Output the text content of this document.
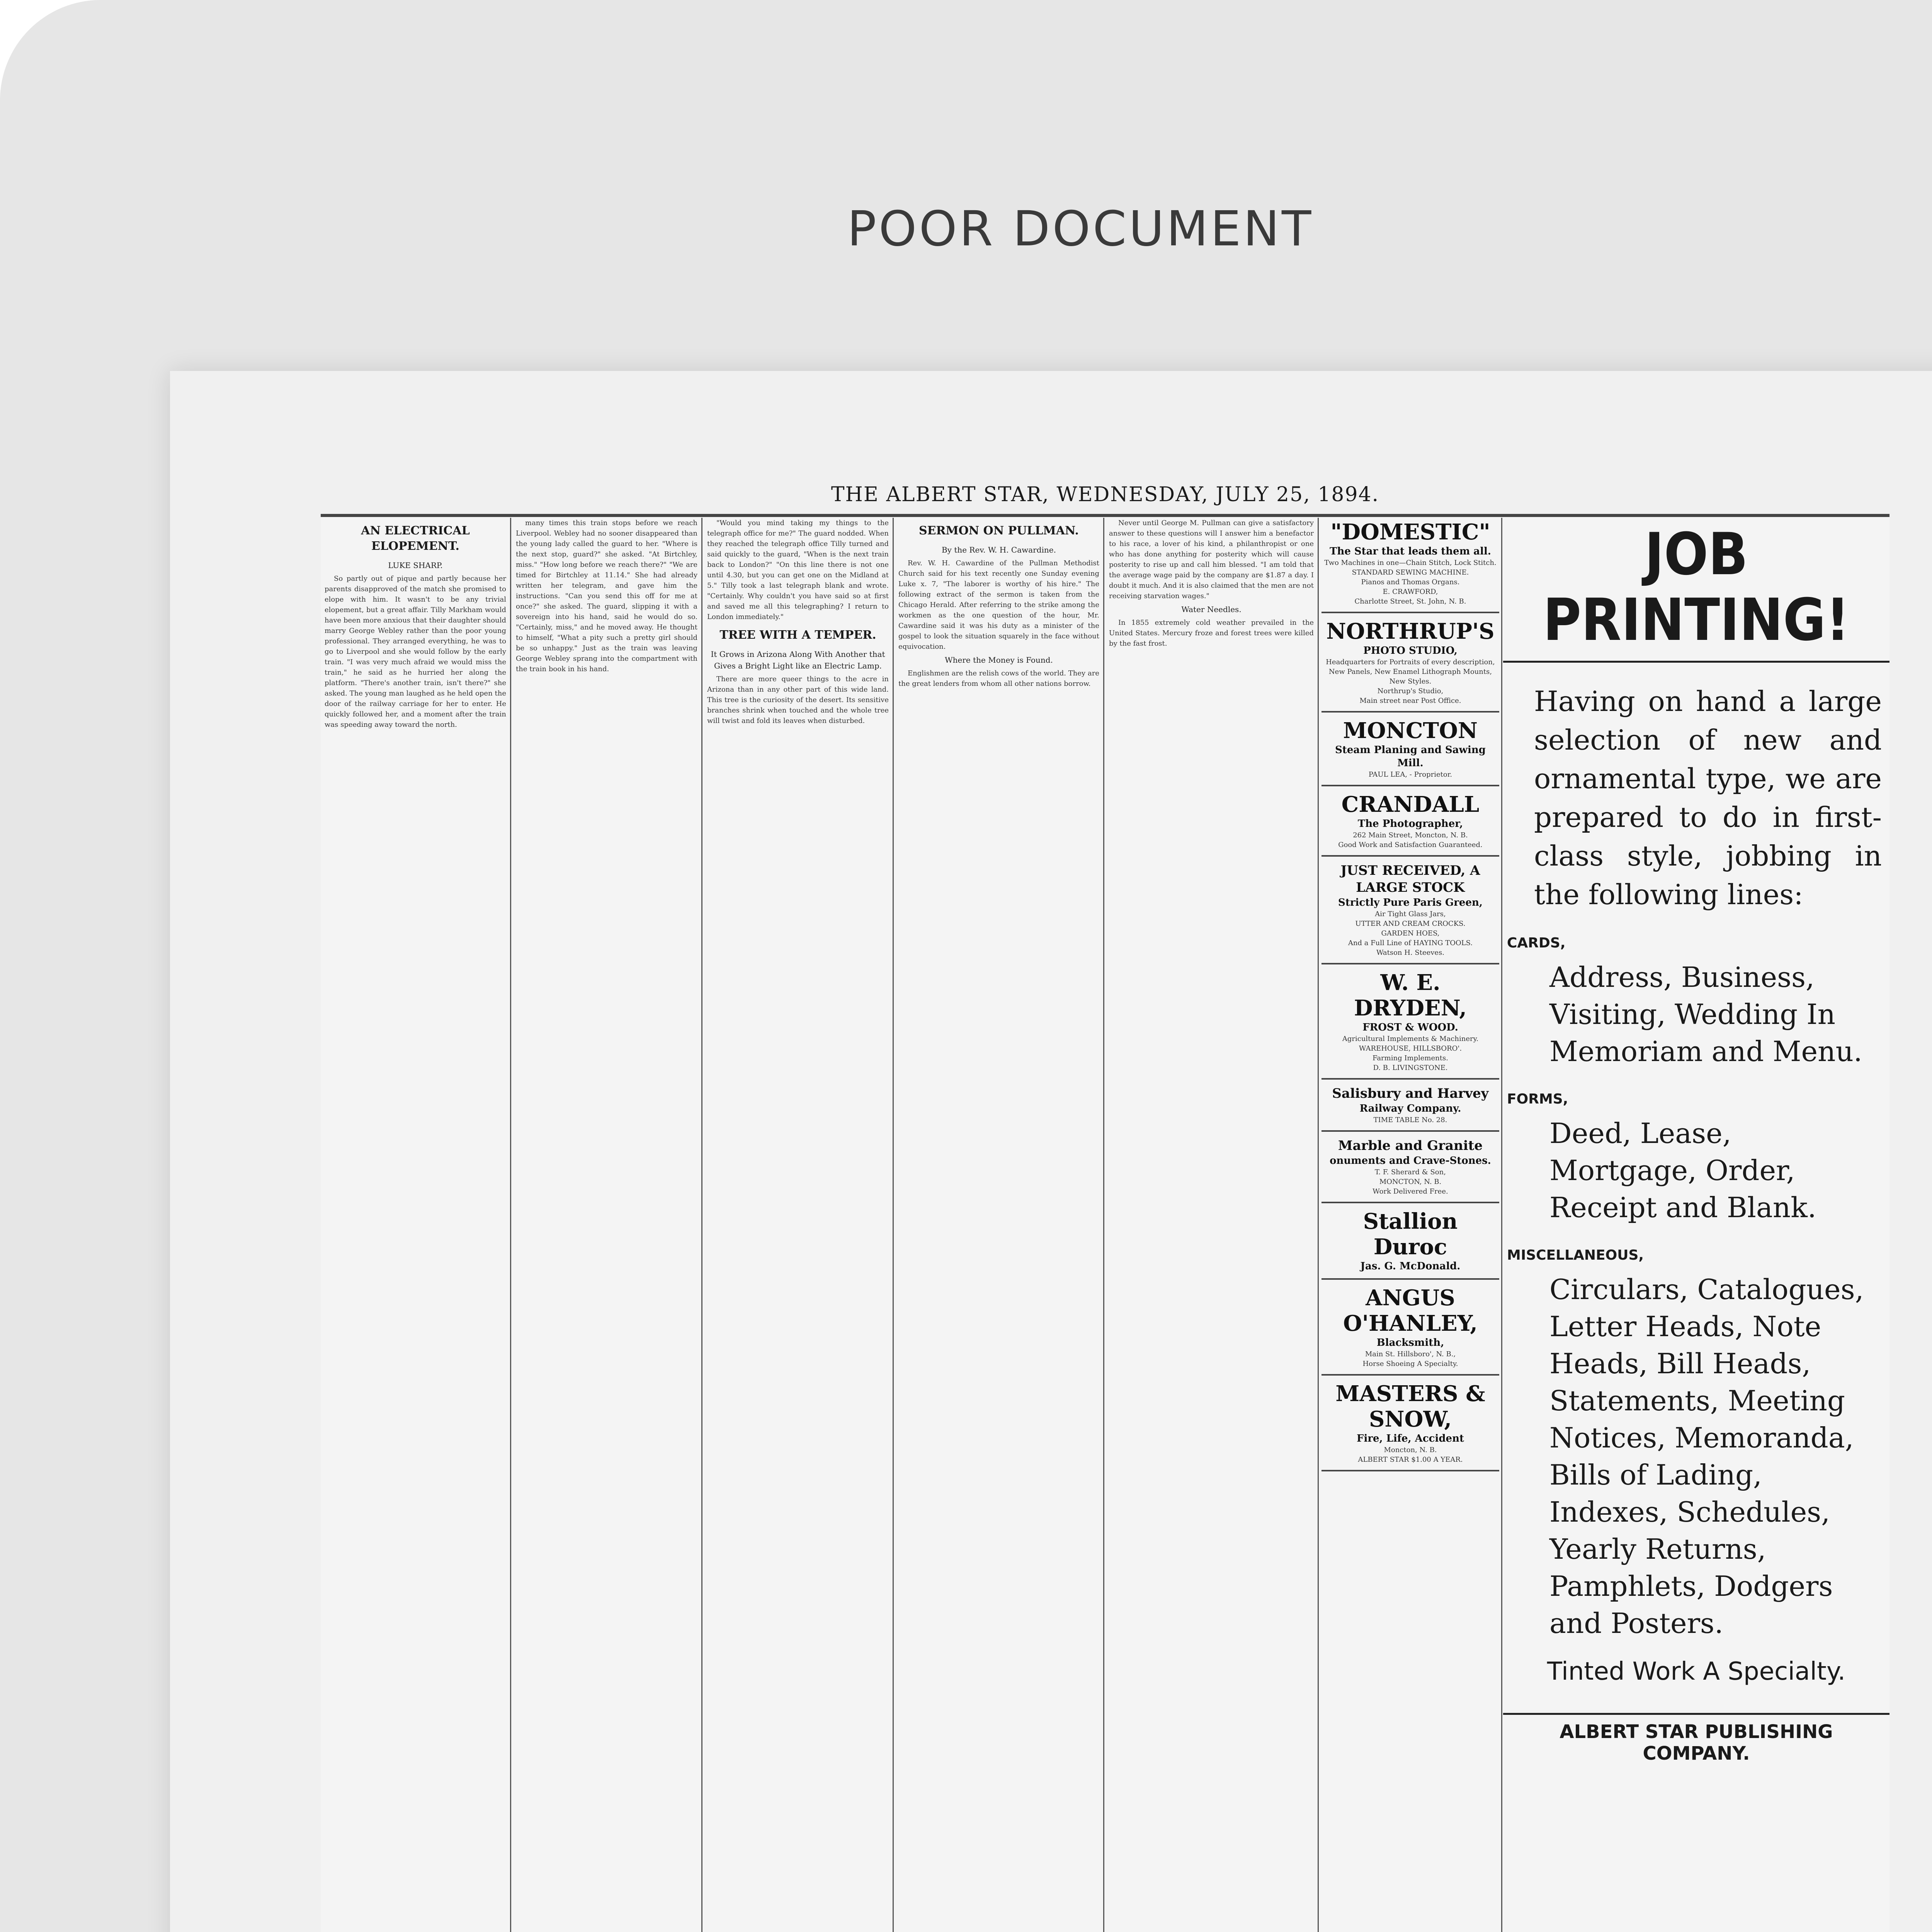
POOR DOCUMENT
THE ALBERT STAR, WEDNESDAY, JULY 25, 1894.
AN ELECTRICAL ELOPEMENT.
LUKE SHARP.

So partly out of pique and partly because her parents disapproved of the match she promised to elope with him. It wasn't to be any trivial elopement, but a great affair. Tilly Markham would have been more anxious that their daughter should marry George Webley rather than the poor young professional. They arranged everything, he was to go to Liverpool and she would follow by the early train. "I was very much afraid we would miss the train," he said as he hurried her along the platform. "There's another train, isn't there?" she asked. The young man laughed as he held open the door of the railway carriage for her to enter. He quickly followed her, and a moment after the train was speeding away toward the north.

many times this train stops before we reach Liverpool. Webley had no sooner disappeared than the young lady called the guard to her. "Where is the next stop, guard?" she asked. "At Birtchley, miss." "How long before we reach there?" "We are timed for Birtchley at 11.14." She had already written her telegram, and gave him the instructions. "Can you send this off for me at once?" she asked. The guard, slipping it with a sovereign into his hand, said he would do so. "Certainly, miss," and he moved away. He thought to himself, "What a pity such a pretty girl should be so unhappy." Just as the train was leaving George Webley sprang into the compartment with the train book in his hand.

"Would you mind taking my things to the telegraph office for me?" The guard nodded. When they reached the telegraph office Tilly turned and said quickly to the guard, "When is the next train back to London?" "On this line there is not one until 4.30, but you can get one on the Midland at 5." Tilly took a last telegraph blank and wrote. "Certainly. Why couldn't you have said so at first and saved me all this telegraphing? I return to London immediately."

TREE WITH A TEMPER.
It Grows in Arizona Along With Another that Gives a Bright Light like an Electric Lamp.

There are more queer things to the acre in Arizona than in any other part of this wide land. This tree is the curiosity of the desert. Its sensitive branches shrink when touched and the whole tree will twist and fold its leaves when disturbed.

SERMON ON PULLMAN.
By the Rev. W. H. Cawardine.

Rev. W. H. Cawardine of the Pullman Methodist Church said for his text recently one Sunday evening Luke x. 7, "The laborer is worthy of his hire." The following extract of the sermon is taken from the Chicago Herald. After referring to the strike among the workmen as the one question of the hour, Mr. Cawardine said it was his duty as a minister of the gospel to look the situation squarely in the face without equivocation.

Where the Money is Found.

Englishmen are the relish cows of the world. They are the great lenders from whom all other nations borrow.

Never until George M. Pullman can give a satisfactory answer to these questions will I answer him a benefactor to his race, a lover of his kind, a philanthropist or one who has done anything for posterity which will cause posterity to rise up and call him blessed. "I am told that the average wage paid by the company are $1.87 a day. I doubt it much. And it is also claimed that the men are not receiving starvation wages."

Water Needles.

In 1855 extremely cold weather prevailed in the United States. Mercury froze and forest trees were killed by the fast frost.

"DOMESTIC"
The Star that leads them all.
Two Machines in one—Chain Stitch, Lock Stitch.
STANDARD SEWING MACHINE.
Pianos and Thomas Organs.
E. CRAWFORD,
Charlotte Street, St. John, N. B.
NORTHRUP'S
PHOTO STUDIO,
Headquarters for Portraits of every description, New Panels, New Enamel Lithograph Mounts, New Styles.
Northrup's Studio,
Main street near Post Office.
MONCTON
Steam Planing and Sawing Mill.
PAUL LEA, - Proprietor.
CRANDALL
The Photographer,
262 Main Street, Moncton, N. B.
Good Work and Satisfaction Guaranteed.
JUST RECEIVED, A LARGE STOCK
Strictly Pure Paris Green,
Air Tight Glass Jars,
UTTER AND CREAM CROCKS.
GARDEN HOES,
And a Full Line of HAYING TOOLS.
Watson H. Steeves.
W. E. DRYDEN,
FROST & WOOD.
Agricultural Implements & Machinery.
WAREHOUSE, HILLSBORO'.
Farming Implements.
D. B. LIVINGSTONE.
Salisbury and Harvey
Railway Company.
TIME TABLE No. 28.
Marble and Granite
onuments and Crave-Stones.
T. F. Sherard & Son,
MONCTON, N. B.
Work Delivered Free.
Stallion Duroc
Jas. G. McDonald.
ANGUS O'HANLEY,
Blacksmith,
Main St. Hillsboro', N. B.,
Horse Shoeing A Specialty.
MASTERS & SNOW,
Fire, Life, Accident
Moncton, N. B.
ALBERT STAR $1.00 A YEAR.
JOB PRINTING!
Having on hand a large selection of new and ornamental type, we are prepared to do in first-class style, jobbing in the following lines:
CARDS,
Address, Business, Visiting, Wedding In Memoriam and Menu.
FORMS,
Deed, Lease, Mortgage, Order, Receipt and Blank.
MISCELLANEOUS,
Circulars, Catalogues, Letter Heads, Note Heads, Bill Heads, Statements, Meeting Notices, Memoranda, Bills of Lading, Indexes, Schedules, Yearly Returns, Pamphlets, Dodgers and Posters.
Tinted Work A Specialty.
ALBERT STAR PUBLISHING COMPANY.
